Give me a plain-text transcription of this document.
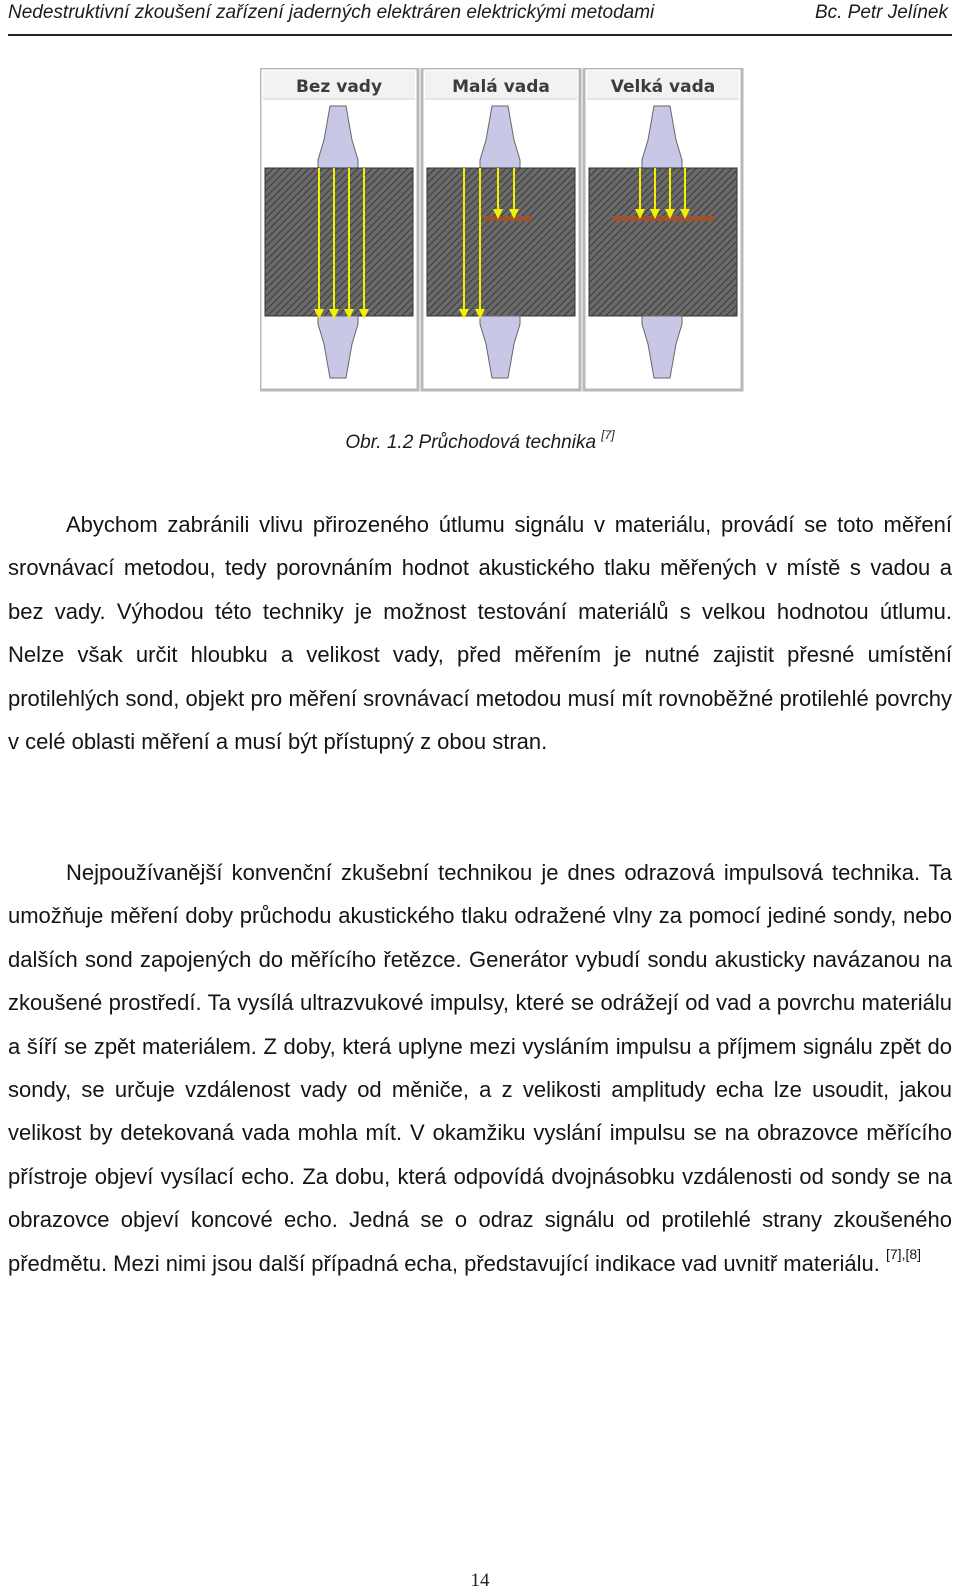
Nedestruktivní zkoušení zařízení jaderných elektráren elektrickými metodami	Bc. Petr Jelínek
Bez vady	Malá vada	Velká vada
Obr. 1.2 Průchodová technika [7]

Abychom zabránili vlivu přirozeného útlumu signálu v materiálu, provádí se toto měření srovnávací metodou, tedy porovnáním hodnot akustického tlaku měřených v místě s vadou a bez vady. Výhodou této techniky je možnost testování materiálů s velkou hodnotou útlumu. Nelze však určit hloubku a velikost vady, před měřením je nutné zajistit přesné umístění protilehlých sond, objekt pro měření srovnávací metodou musí mít rovnoběžné protilehlé povrchy v celé oblasti měření a musí být přístupný z obou stran.

Nejpoužívanější konvenční zkušební technikou je dnes odrazová impulsová technika. Ta umožňuje měření doby průchodu akustického tlaku odražené vlny za pomocí jediné sondy, nebo dalších sond zapojených do měřícího řetězce. Generátor vybudí sondu akusticky navázanou na zkoušené prostředí. Ta vysílá ultrazvukové impulsy, které se odrážejí od vad a povrchu materiálu a šíří se zpět materiálem. Z doby, která uplyne mezi vysláním impulsu a příjmem signálu zpět do sondy, se určuje vzdálenost vady od měniče, a z velikosti amplitudy echa lze usoudit, jakou velikost by detekovaná vada mohla mít. V okamžiku vyslání impulsu se na obrazovce měřícího přístroje objeví vysílací echo. Za dobu, která odpovídá dvojnásobku vzdálenosti od sondy se na obrazovce objeví koncové echo. Jedná se o odraz signálu od protilehlé strany zkoušeného předmětu. Mezi nimi jsou další případná echa, představující indikace vad uvnitř materiálu. [7],[8]

14
